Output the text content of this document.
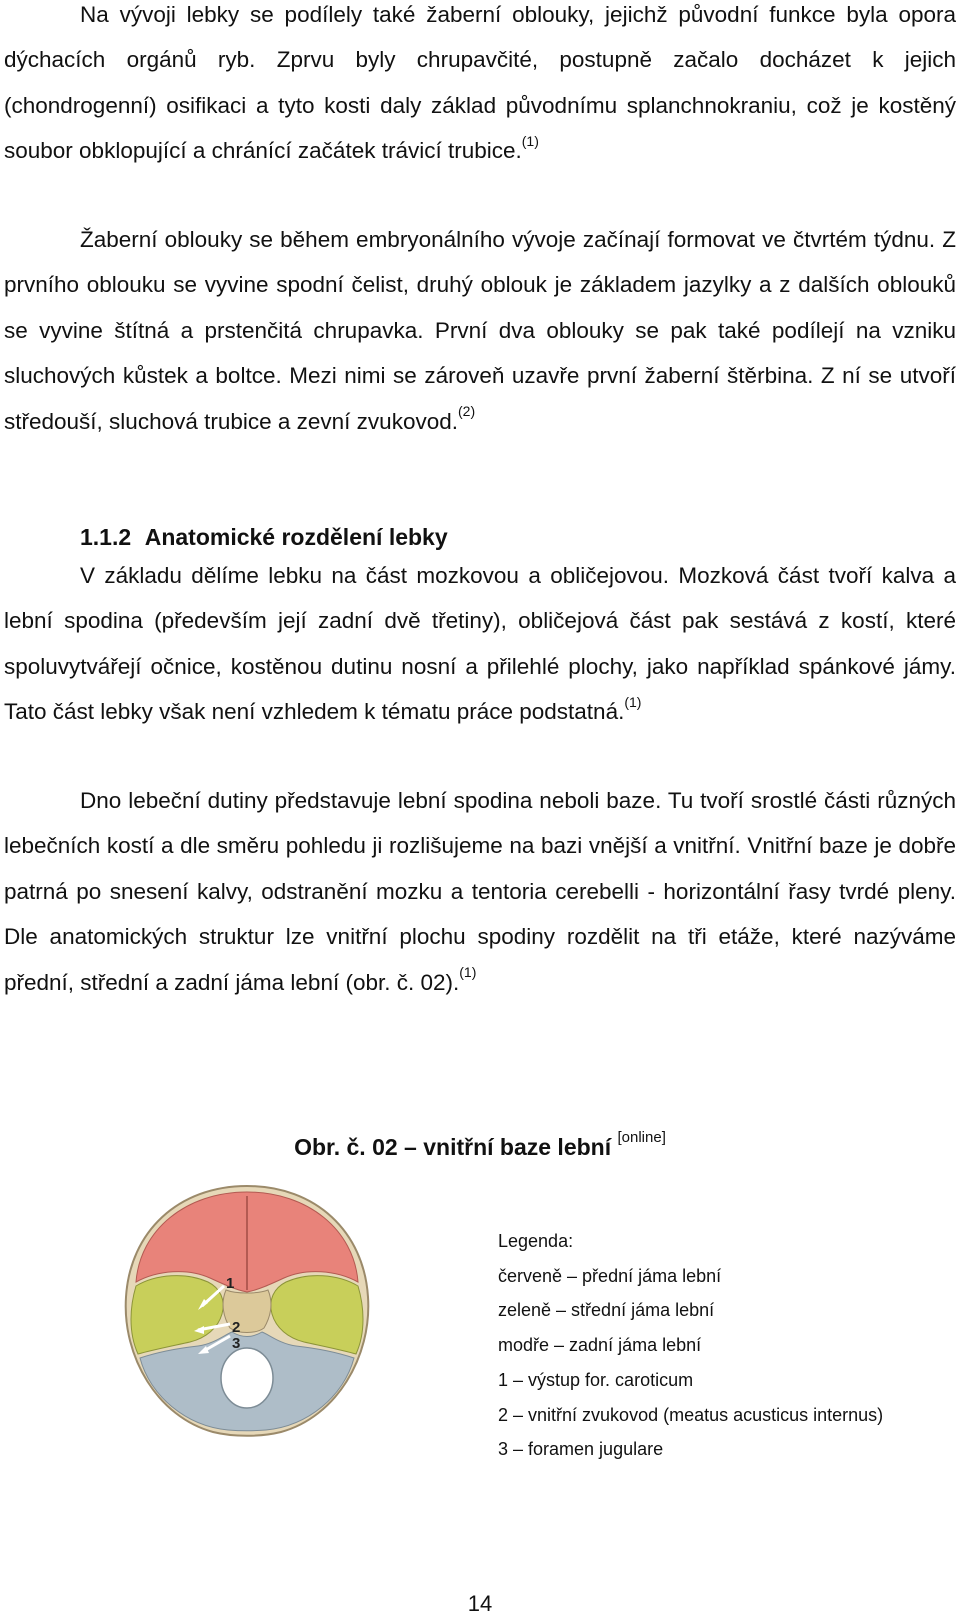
Na vývoji lebky se podílely také žaberní oblouky, jejichž původní funkce byla opora dýchacích orgánů ryb. Zprvu byly chrupavčité, postupně začalo docházet k jejich (chondrogenní) osifikaci a tyto kosti daly základ původnímu splanchnokraniu, což je kostěný soubor obklopující a chránící začátek trávicí trubice.$^{(1)}$

Žaberní oblouky se během embryonálního vývoje začínají formovat ve čtvrtém týdnu. Z prvního oblouku se vyvine spodní čelist, druhý oblouk je základem jazylky a z dalších oblouků se vyvine štítná a prstenčitá chrupavka. První dva oblouky se pak také podílejí na vzniku sluchových kůstek a boltce. Mezi nimi se zároveň uzavře první žaberní štěrbina. Z ní se utvoří středouší, sluchová trubice a zevní zvukovod.$^{(2)}$

1.1.2 Anatomické rozdělení lebky

V základu dělíme lebku na část mozkovou a obličejovou. Mozková část tvoří kalva a lební spodina (především její zadní dvě třetiny), obličejová část pak sestává z kostí, které spoluvytvářejí očnice, kostěnou dutinu nosní a přilehlé plochy, jako například spánkové jámy. Tato část lebky však není vzhledem k tématu práce podstatná.$^{(1)}$

Dno lebeční dutiny představuje lební spodina neboli baze. Tu tvoří srostlé části různých lebečních kostí a dle směru pohledu ji rozlišujeme na bazi vnější a vnitřní. Vnitřní baze je dobře patrná po snesení kalvy, odstranění mozku a tentoria cerebelli - horizontální řasy tvrdé pleny. Dle anatomických struktur lze vnitřní plochu spodiny rozdělit na tři etáže, které nazýváme přední, střední a zadní jáma lební (obr. č. 02).$^{(1)}$

Obr. č. 02 – vnitřní baze lební [online]
1
2
3
Legenda:
červeně – přední jáma lební
zeleně – střední jáma lební
modře – zadní jáma lební
1 – výstup for. caroticum
2 – vnitřní zvukovod (meatus acusticus internus)
3 – foramen jugulare
14
